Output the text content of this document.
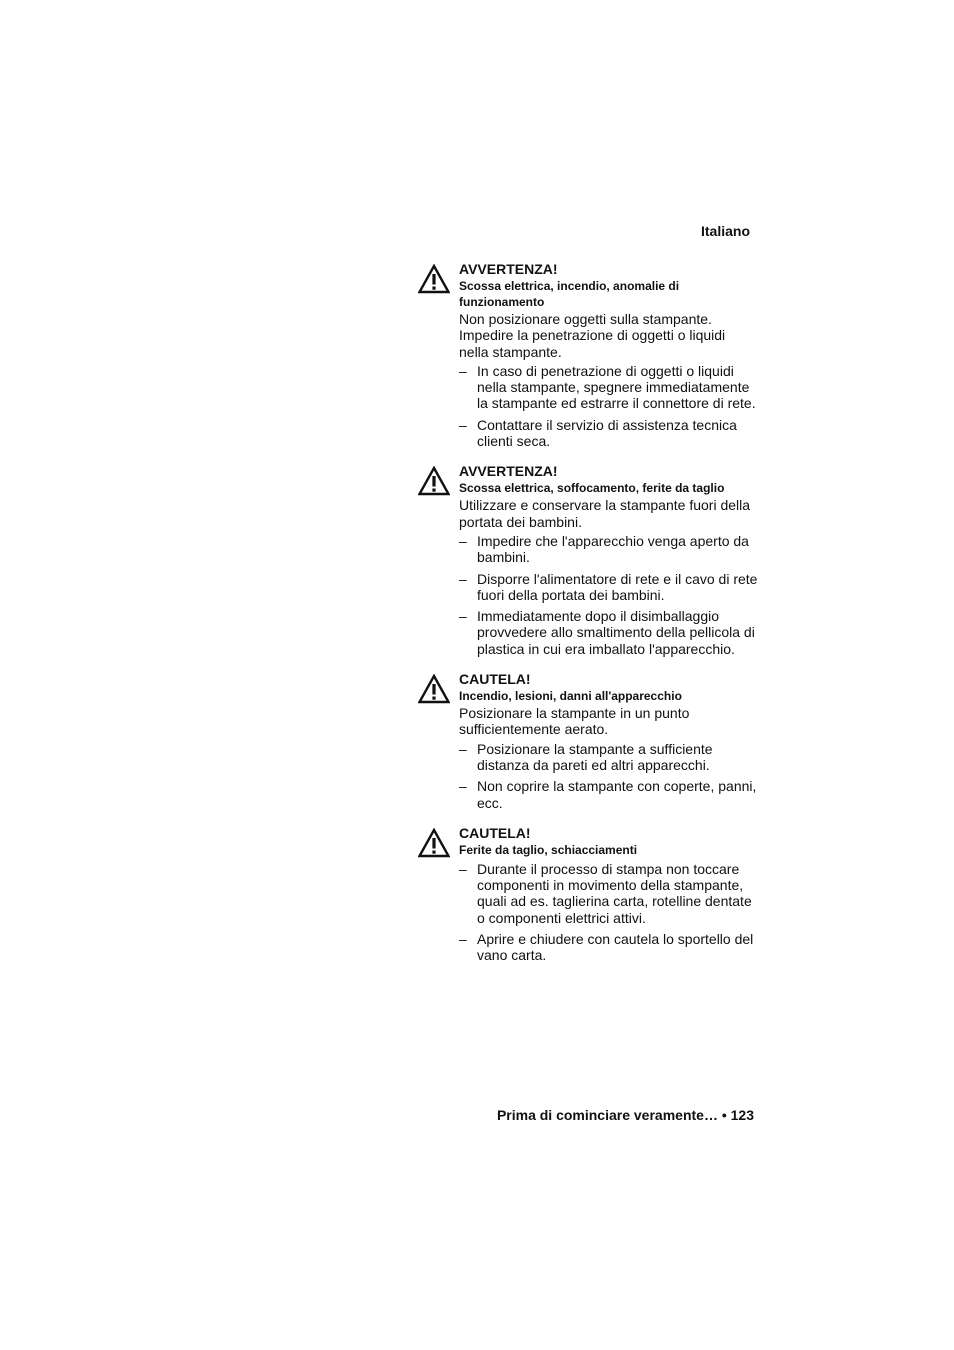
Italiano
AVVERTENZA!
Scossa elettrica, incendio, anomalie di funzionamento
Non posizionare oggetti sulla stampante. Impedire la penetrazione di oggetti o liquidi nella stampante.
– In caso di penetrazione di oggetti o liquidi nella stampante, spegnere immediatamente la stampante ed estrarre il connettore di rete.
– Contattare il servizio di assistenza tecnica clienti seca.
AVVERTENZA!
Scossa elettrica, soffocamento, ferite da taglio
Utilizzare e conservare la stampante fuori della portata dei bambini.
– Impedire che l'apparecchio venga aperto da bambini.
– Disporre l'alimentatore di rete e il cavo di rete fuori della portata dei bambini.
– Immediatamente dopo il disimballaggio provvedere allo smaltimento della pellicola di plastica in cui era imballato l'apparecchio.
CAUTELA!
Incendio, lesioni, danni all'apparecchio
Posizionare la stampante in un punto sufficientemente aerato.
– Posizionare la stampante a sufficiente distanza da pareti ed altri apparecchi.
– Non coprire la stampante con coperte, panni, ecc.
CAUTELA!
Ferite da taglio, schiacciamenti
– Durante il processo di stampa non toccare componenti in movimento della stampante, quali ad es. taglierina carta, rotelline dentate o componenti elettrici attivi.
– Aprire e chiudere con cautela lo sportello del vano carta.
Prima di cominciare veramente… • 123
